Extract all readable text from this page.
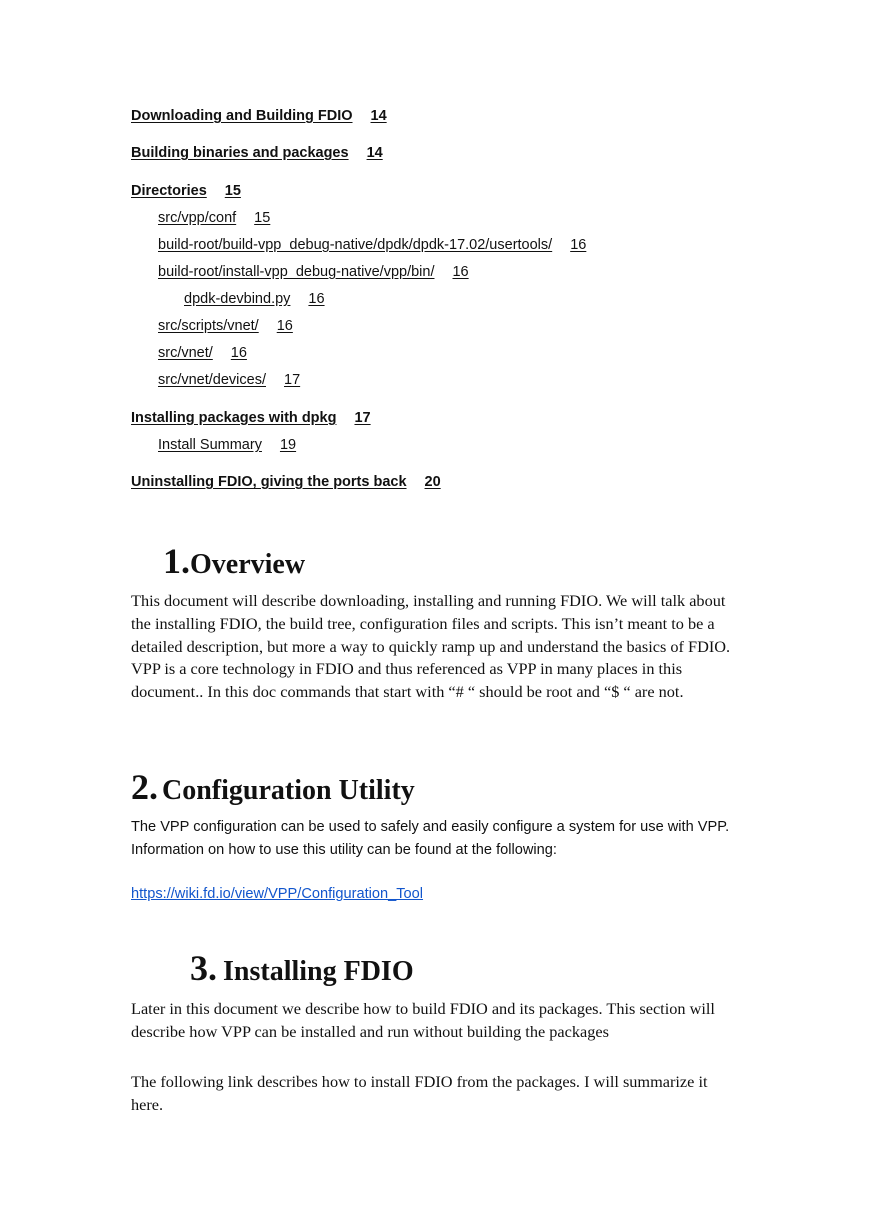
Downloading and Building FDIO 14
Building binaries and packages 14
Directories 15
src/vpp/conf 15
build-root/build-vpp_debug-native/dpdk/dpdk-17.02/usertools/ 16
build-root/install-vpp_debug-native/vpp/bin/ 16
dpdk-devbind.py 16
src/scripts/vnet/ 16
src/vnet/ 16
src/vnet/devices/ 17
Installing packages with dpkg 17
Install Summary 19
Uninstalling FDIO, giving the ports back 20
1.Overview

This document will describe downloading, installing and running FDIO. We will talk about the installing FDIO, the build tree, configuration files and scripts. This isn’t meant to be a detailed description, but more a way to quickly ramp up and understand the basics of FDIO. VPP is a core technology in FDIO and thus referenced as VPP in many places in this document.. In this doc commands that start with “# “ should be root and “$ “ are not.

2. Configuration Utility

The VPP configuration can be used to safely and easily configure a system for use with VPP. Information on how to use this utility can be found at the following:

https://wiki.fd.io/view/VPP/Configuration_Tool
3. Installing FDIO

Later in this document we describe how to build FDIO and its packages. This section will describe how VPP can be installed and run without building the packages

The following link describes how to install FDIO from the packages. I will summarize it here.
